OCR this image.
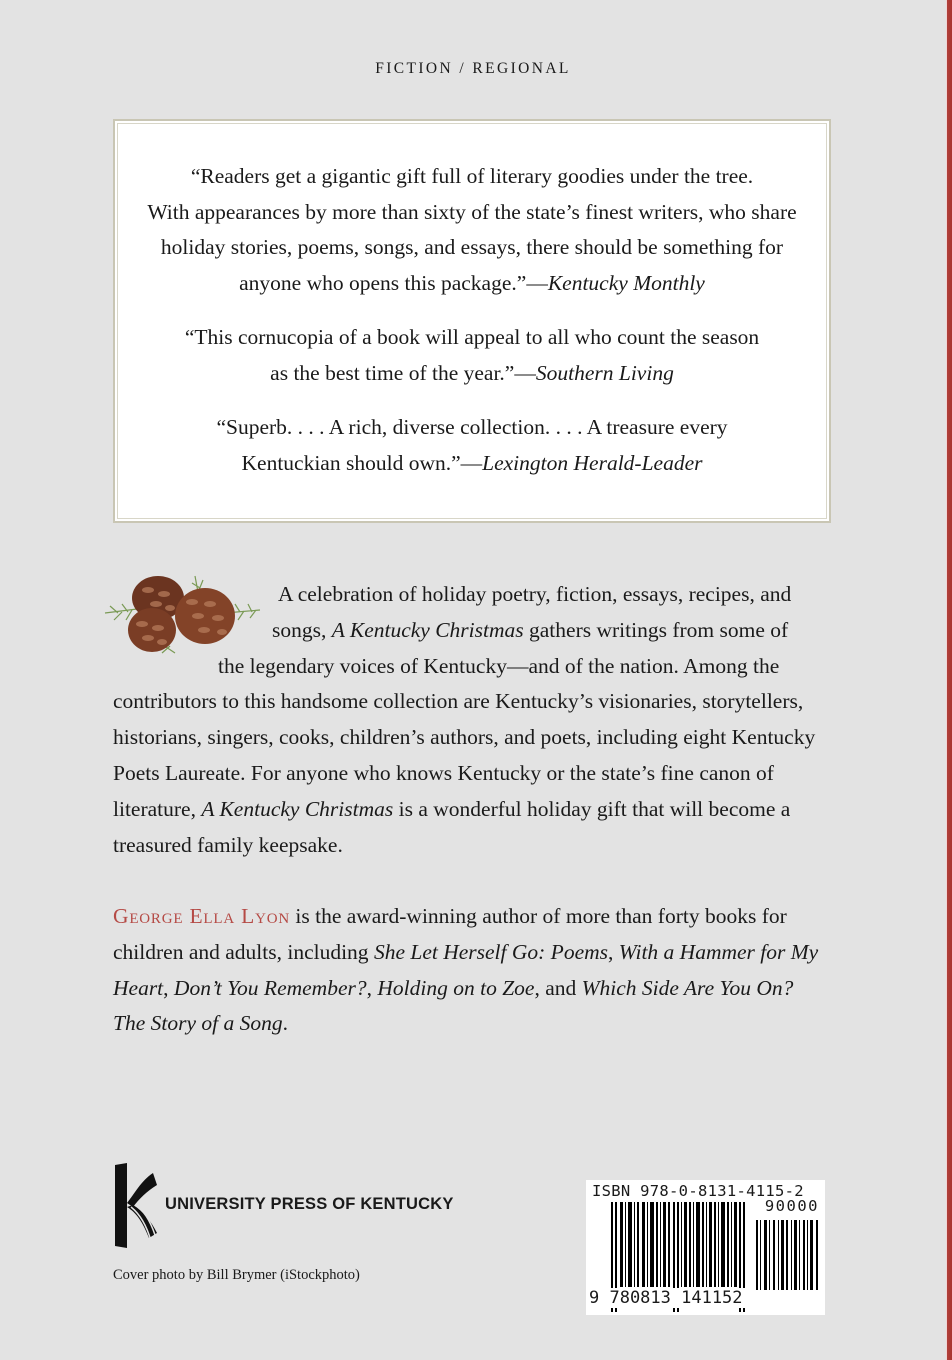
FICTION / REGIONAL
“Readers get a gigantic gift full of literary goodies under the tree.
With appearances by more than sixty of the state’s finest writers, who share
holiday stories, poems, songs, and essays, there should be something for
anyone who opens this package.”—Kentucky Monthly
“This cornucopia of a book will appeal to all who count the season
as the best time of the year.”—Southern Living
“Superb. . . . A rich, diverse collection. . . . A treasure every
Kentuckian should own.”—Lexington Herald-Leader
A celebration of holiday poetry, fiction, essays, recipes, and
songs, A Kentucky Christmas gathers writings from some of
the legendary voices of Kentucky—and of the nation. Among the
contributors to this handsome collection are Kentucky’s visionaries, storytellers,
historians, singers, cooks, children’s authors, and poets, including eight Kentucky
Poets Laureate. For anyone who knows Kentucky or the state’s fine canon of
literature, A Kentucky Christmas is a wonderful holiday gift that will become a
treasured family keepsake.
George Ella Lyon is the award-winning author of more than forty books for
children and adults, including She Let Herself Go: Poems, With a Hammer for My
Heart, Don’t You Remember?, Holding on to Zoe, and Which Side Are You On?
The Story of a Song.
UNIVERSITY PRESS OF KENTUCKY
Cover photo by Bill Brymer (iStockphoto)
ISBN 978-0-8131-4115-2
90000
9 780813 141152
